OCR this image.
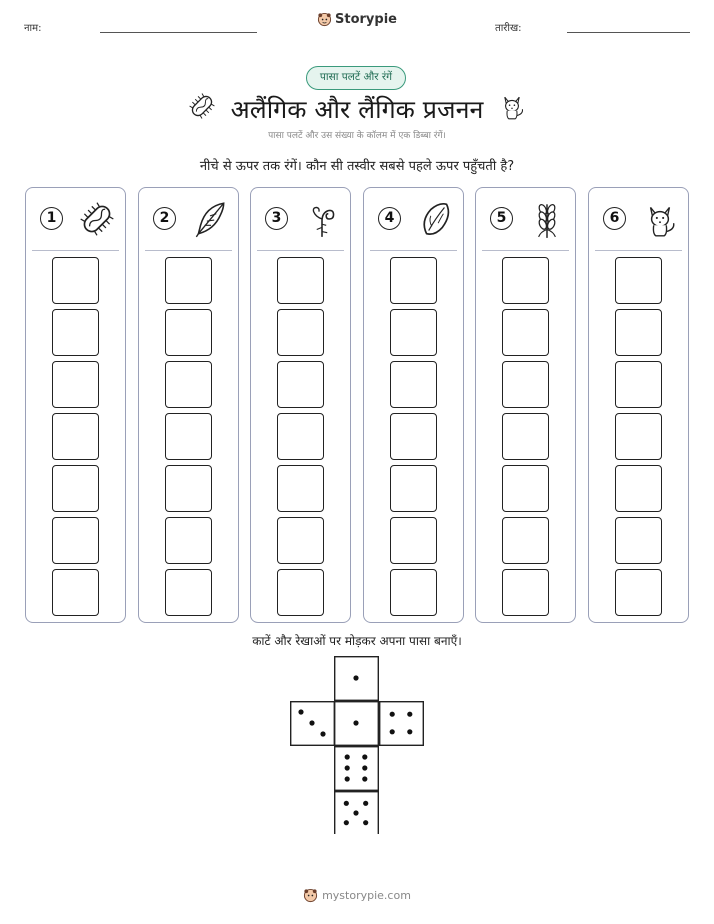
नाम:
Storypie
तारीख:
पासा पलटें और रंगें
अलैंगिक और लैंगिक प्रजनन
पासा पलटें और उस संख्या के कॉलम में एक डिब्बा रंगें।
नीचे से ऊपर तक रंगें। कौन सी तस्वीर सबसे पहले ऊपर पहुँचती है?
1	2	3	4	5	6
काटें और रेखाओं पर मोड़कर अपना पासा बनाएँ।
mystorypie.com
